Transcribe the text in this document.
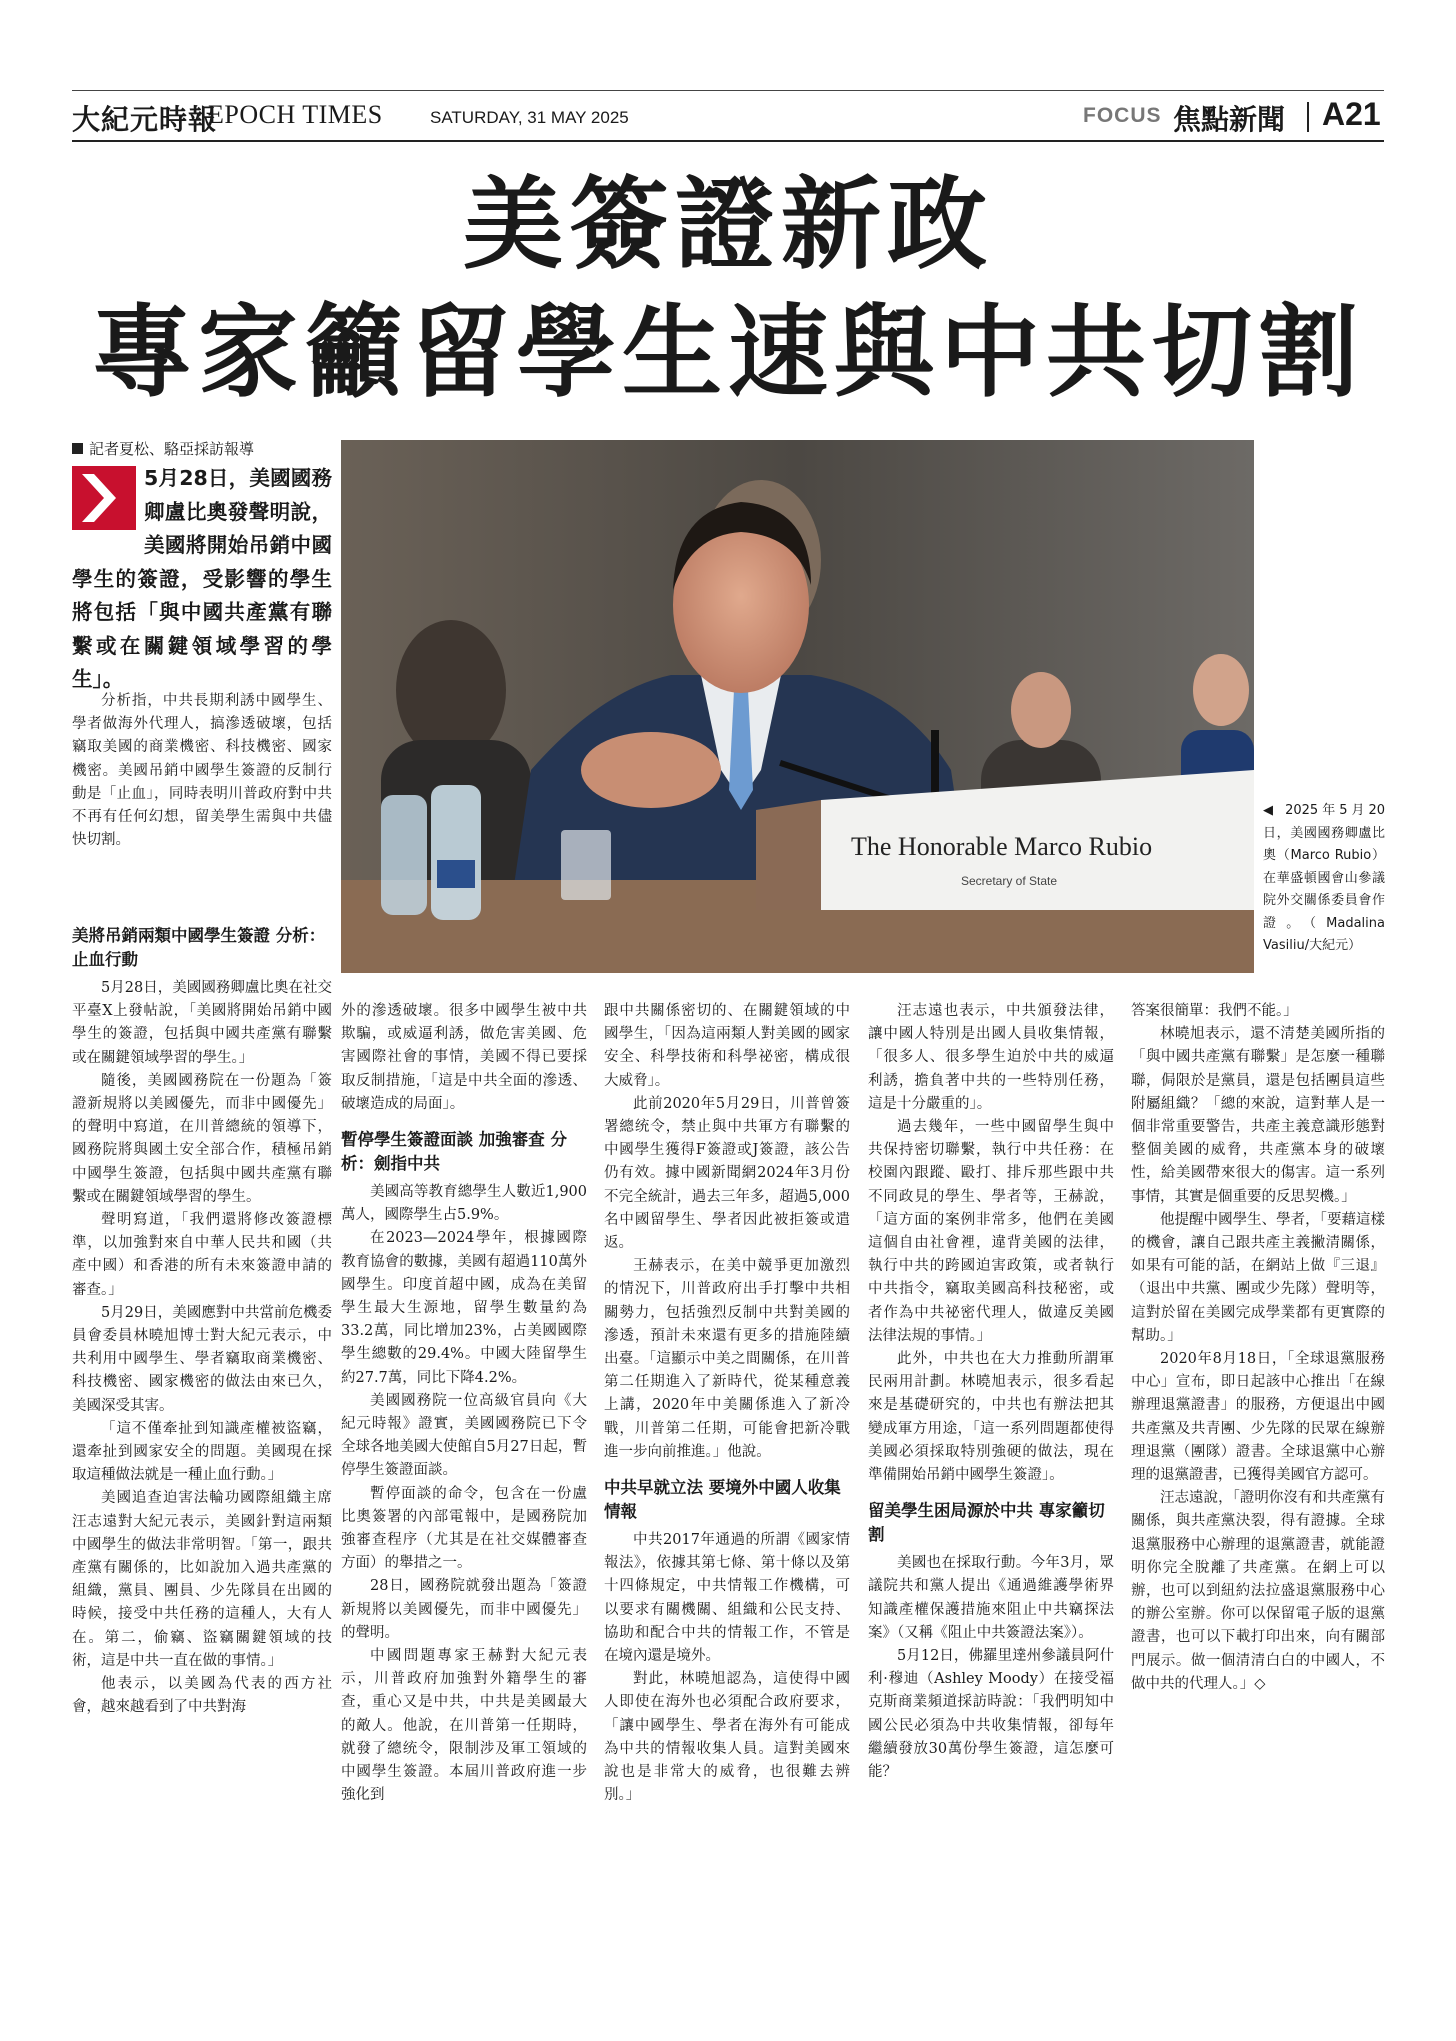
大紀元時報
EPOCH TIMES	SATURDAY, 31 MAY 2025	FOCUS 焦點新聞 A21
美簽證新政
專家籲留學生速與中共切割
記者夏松、駱亞採訪報導
5月28日，美國國務卿盧比奧發聲明說，美國將開始吊銷中國學生的簽證，受影響的學生將包括「與中國共產黨有聯繫或在關鍵領域學習的學生」。
The Honorable Marco Rubio
Secretary of State
◀ 2025年5月20日，美國國務卿盧比奧（Marco Rubio）在華盛頓國會山參議院外交關係委員會作證。（Madalina Vasiliu/大紀元）

分析指，中共長期利誘中國學生、學者做海外代理人，搞滲透破壞，包括竊取美國的商業機密、科技機密、國家機密。美國吊銷中國學生簽證的反制行動是「止血」，同時表明川普政府對中共不再有任何幻想，留美學生需與中共儘快切割。

美將吊銷兩類中國學生簽證 分析：止血行動

5月28日，美國國務卿盧比奧在社交平臺X上發帖說，「美國將開始吊銷中國學生的簽證，包括與中國共產黨有聯繫或在關鍵領域學習的學生。」

隨後，美國國務院在一份題為「簽證新規將以美國優先，而非中國優先」的聲明中寫道，在川普總統的領導下，國務院將與國土安全部合作，積極吊銷中國學生簽證，包括與中國共產黨有聯繫或在關鍵領域學習的學生。

聲明寫道，「我們還將修改簽證標準，以加強對來自中華人民共和國（共產中國）和香港的所有未來簽證申請的審查。」

5月29日，美國應對中共當前危機委員會委員林曉旭博士對大紀元表示，中共利用中國學生、學者竊取商業機密、科技機密、國家機密的做法由來已久，美國深受其害。

「這不僅牽扯到知識產權被盜竊，還牽扯到國家安全的問題。美國現在採取這種做法就是一種止血行動。」

美國追查迫害法輪功國際組織主席汪志遠對大紀元表示，美國針對這兩類中國學生的做法非常明智。「第一，跟共產黨有關係的，比如說加入過共產黨的組織，黨員、團員、少先隊員在出國的時候，接受中共任務的這種人，大有人在。第二，偷竊、盜竊關鍵領域的技術，這是中共一直在做的事情。」

他表示，以美國為代表的西方社會，越來越看到了中共對海

外的滲透破壞。很多中國學生被中共欺騙，或威逼利誘，做危害美國、危害國際社會的事情，美國不得已要採取反制措施，「這是中共全面的滲透、破壞造成的局面」。

暫停學生簽證面談 加強審查 分析：劍指中共

美國高等教育總學生人數近1,900萬人，國際學生占5.9%。

在2023—2024學年，根據國際教育協會的數據，美國有超過110萬外國學生。印度首超中國，成為在美留學生最大生源地，留學生數量約為33.2萬，同比增加23%，占美國國際學生總數的29.4%。中國大陸留學生約27.7萬，同比下降4.2%。

美國國務院一位高級官員向《大紀元時報》證實，美國國務院已下令全球各地美國大使館自5月27日起，暫停學生簽證面談。

暫停面談的命令，包含在一份盧比奧簽署的內部電報中，是國務院加強審查程序（尤其是在社交媒體審查方面）的舉措之一。

28日，國務院就發出題為「簽證新規將以美國優先，而非中國優先」的聲明。

中國問題專家王赫對大紀元表示，川普政府加強對外籍學生的審查，重心又是中共，中共是美國最大的敵人。他說，在川普第一任期時，就發了總统令，限制涉及軍工領域的中國學生簽證。本屆川普政府進一步強化到

跟中共關係密切的、在關鍵領域的中國學生，「因為這兩類人對美國的國家安全、科學技術和科學祕密，構成很大威脅」。

此前2020年5月29日，川普曾簽署總统令，禁止與中共軍方有聯繫的中國學生獲得F簽證或J簽證，該公告仍有效。據中國新聞網2024年3月份不完全統計，過去三年多，超過5,000名中國留學生、學者因此被拒簽或遣返。

王赫表示，在美中競爭更加激烈的情況下，川普政府出手打擊中共相關勢力，包括強烈反制中共對美國的滲透，預計未來還有更多的措施陸續出臺。「這顯示中美之間關係，在川普第二任期進入了新時代，從某種意義上講，2020年中美關係進入了新冷戰，川普第二任期，可能會把新冷戰進一步向前推進。」他說。

中共早就立法 要境外中國人收集情報

中共2017年通過的所謂《國家情報法》，依據其第七條、第十條以及第十四條規定，中共情報工作機構，可以要求有關機關、組織和公民支持、協助和配合中共的情報工作，不管是在境內還是境外。

對此，林曉旭認為，這使得中國人即使在海外也必須配合政府要求，「讓中國學生、學者在海外有可能成為中共的情報收集人員。這對美國來說也是非常大的威脅，也很難去辨別。」

汪志遠也表示，中共頒發法律，讓中國人特別是出國人員收集情報，「很多人、很多學生迫於中共的威逼利誘，擔負著中共的一些特別任務，這是十分嚴重的」。

過去幾年，一些中國留學生與中共保持密切聯繫，執行中共任務：在校園內跟蹤、毆打、排斥那些跟中共不同政見的學生、學者等，王赫說，「這方面的案例非常多，他們在美國這個自由社會裡，違背美國的法律，執行中共的跨國迫害政策，或者執行中共指令，竊取美國高科技秘密，或者作為中共祕密代理人，做違反美國法律法規的事情。」

此外，中共也在大力推動所謂軍民兩用計劃。林曉旭表示，很多看起來是基礎研究的，中共也有辦法把其變成軍方用途，「這一系列問題都使得美國必須採取特別強硬的做法，現在準備開始吊銷中國學生簽證」。

留美學生困局源於中共 專家籲切割

美國也在採取行動。今年3月，眾議院共和黨人提出《通過維護學術界知識產權保護措施來阻止中共竊探法案》（又稱《阻止中共簽證法案》）。

5月12日，佛羅里達州參議員阿什利·穆迪（Ashley Moody）在接受福克斯商業頻道採訪時說：「我們明知中國公民必須為中共收集情報，卻每年繼續發放30萬份學生簽證，這怎麼可能？

答案很簡單：我們不能。」

林曉旭表示，還不清楚美國所指的「與中國共產黨有聯繫」是怎麼一種聯聯，侷限於是黨員，還是包括團員這些附屬組織？「總的來說，這對華人是一個非常重要警告，共產主義意識形態對整個美國的威脅，共產黨本身的破壞性，給美國帶來很大的傷害。這一系列事情，其實是個重要的反思契機。」

他提醒中國學生、學者，「要藉這樣的機會，讓自己跟共產主義撇清關係，如果有可能的話，在網站上做『三退』（退出中共黨、團或少先隊）聲明等，這對於留在美國完成學業都有更實際的幫助。」

2020年8月18日，「全球退黨服務中心」宣布，即日起該中心推出「在線辦理退黨證書」的服務，方便退出中國共產黨及共青團、少先隊的民眾在線辦理退黨（團隊）證書。全球退黨中心辦理的退黨證書，已獲得美國官方認可。

汪志遠說，「證明你沒有和共產黨有關係，與共產黨決裂，得有證據。全球退黨服務中心辦理的退黨證書，就能證明你完全脫離了共產黨。在網上可以辦，也可以到紐約法拉盛退黨服務中心的辦公室辦。你可以保留電子版的退黨證書，也可以下載打印出來，向有關部門展示。做一個清清白白的中國人，不做中共的代理人。」◇
